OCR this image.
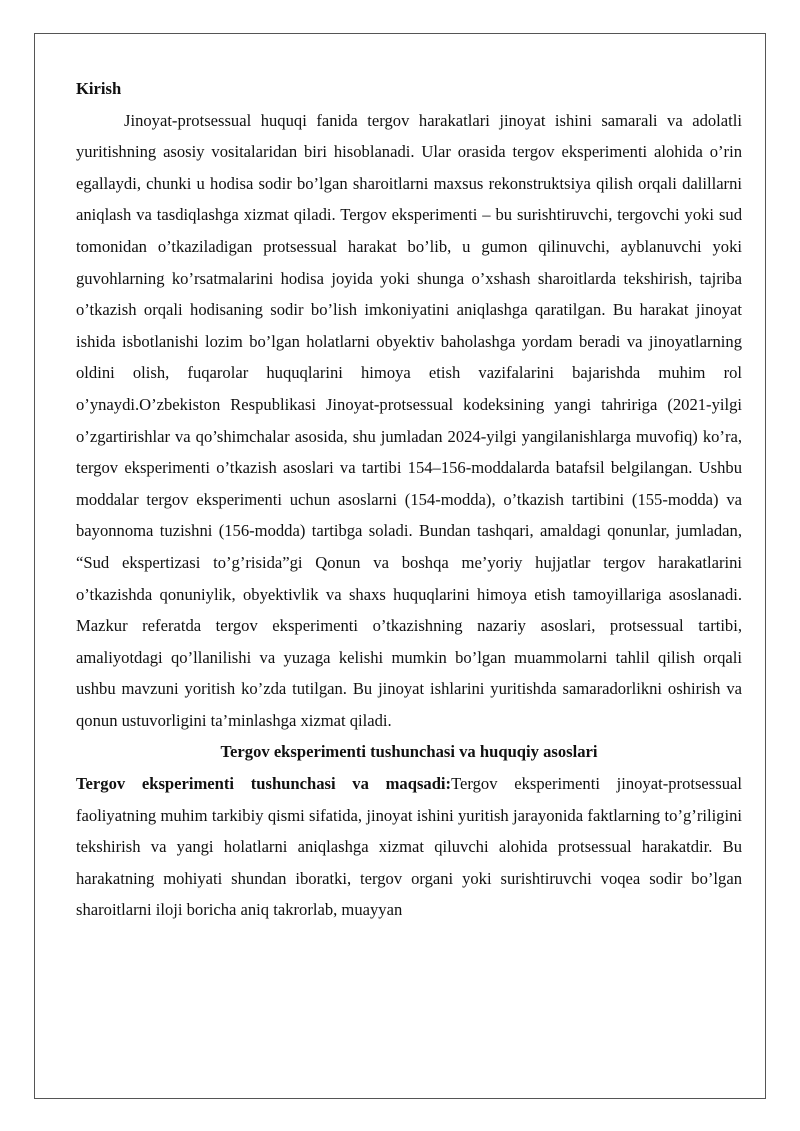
Kirish

Jinoyat-protsessual huquqi fanida tergov harakatlari jinoyat ishini samarali va adolatli yuritishning asosiy vositalaridan biri hisoblanadi. Ular orasida tergov eksperimenti alohida o’rin egallaydi, chunki u hodisa sodir bo’lgan sharoitlarni maxsus rekonstruktsiya qilish orqali dalillarni aniqlash va tasdiqlashga xizmat qiladi. Tergov eksperimenti – bu surishtiruvchi, tergovchi yoki sud tomonidan o’tkaziladigan protsessual harakat bo’lib, u gumon qilinuvchi, ayblanuvchi yoki guvohlarning ko’rsatmalarini hodisa joyida yoki shunga o’xshash sharoitlarda tekshirish, tajriba o’tkazish orqali hodisaning sodir bo’lish imkoniyatini aniqlashga qaratilgan. Bu harakat jinoyat ishida isbotlanishi lozim bo’lgan holatlarni obyektiv baholashga yordam beradi va jinoyatlarning oldini olish, fuqarolar huquqlarini himoya etish vazifalarini bajarishda muhim rol o’ynaydi.O’zbekiston Respublikasi Jinoyat-protsessual kodeksining yangi tahririga (2021-yilgi o’zgartirishlar va qo’shimchalar asosida, shu jumladan 2024-yilgi yangilanishlarga muvofiq) ko’ra, tergov eksperimenti o’tkazish asoslari va tartibi 154–156-moddalarda batafsil belgilangan. Ushbu moddalar tergov eksperimenti uchun asoslarni (154-modda), o’tkazish tartibini (155-modda) va bayonnoma tuzishni (156-modda) tartibga soladi. Bundan tashqari, amaldagi qonunlar, jumladan, “Sud ekspertizasi to’g’risida”gi Qonun va boshqa me’yoriy hujjatlar tergov harakatlarini o’tkazishda qonuniylik, obyektivlik va shaxs huquqlarini himoya etish tamoyillariga asoslanadi. Mazkur referatda tergov eksperimenti o’tkazishning nazariy asoslari, protsessual tartibi, amaliyotdagi qo’llanilishi va yuzaga kelishi mumkin bo’lgan muammolarni tahlil qilish orqali ushbu mavzuni yoritish ko’zda tutilgan. Bu jinoyat ishlarini yuritishda samaradorlikni oshirish va qonun ustuvorligini ta’minlashga xizmat qiladi.

Tergov eksperimenti tushunchasi va huquqiy asoslari

Tergov eksperimenti tushunchasi va maqsadi:Tergov eksperimenti jinoyat-protsessual faoliyatning muhim tarkibiy qismi sifatida, jinoyat ishini yuritish jarayonida faktlarning to’g’riligini tekshirish va yangi holatlarni aniqlashga xizmat qiluvchi alohida protsessual harakatdir. Bu harakatning mohiyati shundan iboratki, tergov organi yoki surishtiruvchi voqea sodir bo’lgan sharoitlarni iloji boricha aniq takrorlab, muayyan
